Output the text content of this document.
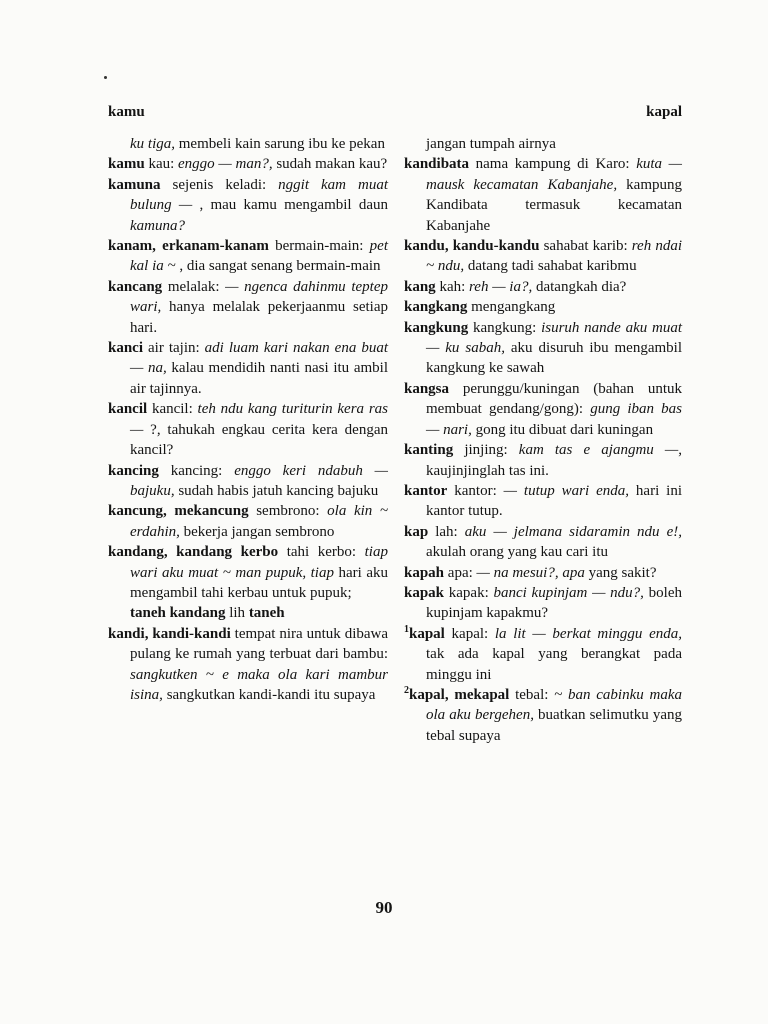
kamu	kapal
ku tiga, membeli kain sarung ibu ke pekan
kamu kau: enggo — man?, sudah makan kau?
kamuna sejenis keladi: nggit kam muat bulung — , mau kamu mengambil daun kamuna?
kanam, erkanam-kanam bermain-main: pet kal ia ~ , dia sangat senang bermain-main
kancang melalak: — ngenca dahinmu teptep wari, hanya melalak pekerjaanmu setiap hari.
kanci air tajin: adi luam kari nakan ena buat — na, kalau mendidih nanti nasi itu ambil air tajinnya.
kancil kancil: teh ndu kang turiturin kera ras — ?, tahukah engkau cerita kera dengan kancil?
kancing kancing: enggo keri ndabuh — bajuku, sudah habis jatuh kancing bajuku
kancung, mekancung sembrono: ola kin ~ erdahin, bekerja jangan sembrono
kandang, kandang kerbo tahi kerbo: tiap wari aku muat ~ man pupuk, tiap hari aku mengambil tahi kerbau untuk pupuk;
taneh kandang lih taneh
kandi, kandi-kandi tempat nira untuk dibawa pulang ke rumah yang terbuat dari bambu: sangkutken ~ e maka ola kari mambur isina, sangkutkan kandi-kandi itu supaya
jangan tumpah airnya
kandibata nama kampung di Karo: kuta — mausk kecamatan Kabanjahe, kampung Kandibata termasuk kecamatan Kabanjahe
kandu, kandu-kandu sahabat karib: reh ndai ~ ndu, datang tadi sahabat karibmu
kang kah: reh — ia?, datangkah dia?
kangkang mengangkang
kangkung kangkung: isuruh nande aku muat — ku sabah, aku disuruh ibu mengambil kangkung ke sawah
kangsa perunggu/kuningan (bahan untuk membuat gendang/gong): gung iban bas — nari, gong itu dibuat dari kuningan
kanting jinjing: kam tas e ajangmu —, kaujinjinglah tas ini.
kantor kantor: — tutup wari enda, hari ini kantor tutup.
kap lah: aku — jelmana sidaramin ndu e!, akulah orang yang kau cari itu
kapah apa: — na mesui?, apa yang sakit?
kapak kapak: banci kupinjam — ndu?, boleh kupinjam kapakmu?
$^1$kapal kapal: la lit — berkat minggu enda, tak ada kapal yang berangkat pada minggu ini
$^2$kapal, mekapal tebal: ~ ban cabinku maka ola aku bergehen, buatkan selimutku yang tebal supaya
90
